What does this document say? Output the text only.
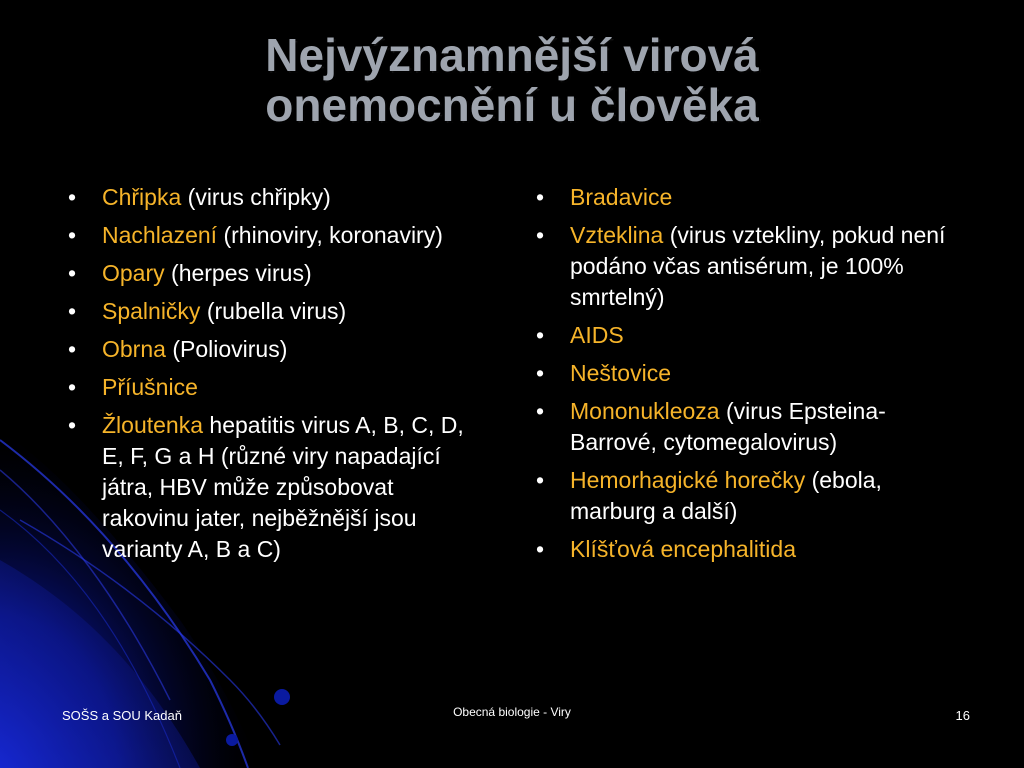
Nejvýznamnější virová
onemocnění u člověka
• Chřipka (virus chřipky)
• Nachlazení (rhinoviry, koronaviry)
• Opary (herpes virus)
• Spalničky (rubella virus)
• Obrna (Poliovirus)
• Příušnice
• Žloutenka hepatitis virus A, B, C, D, E, F, G a H (různé viry napadající játra, HBV může způsobovat rakovinu jater, nejběžnější jsou varianty A, B a C)
• Bradavice
• Vzteklina (virus vztekliny, pokud není podáno včas antisérum, je 100% smrtelný)
• AIDS
• Neštovice
• Mononukleoza (virus Epsteina-Barrové, cytomegalovirus)
• Hemorhagické horečky (ebola, marburg a další)
• Klíšťová encephalitida
SOŠS a SOU Kadaň	Obecná biologie - Viry	16
